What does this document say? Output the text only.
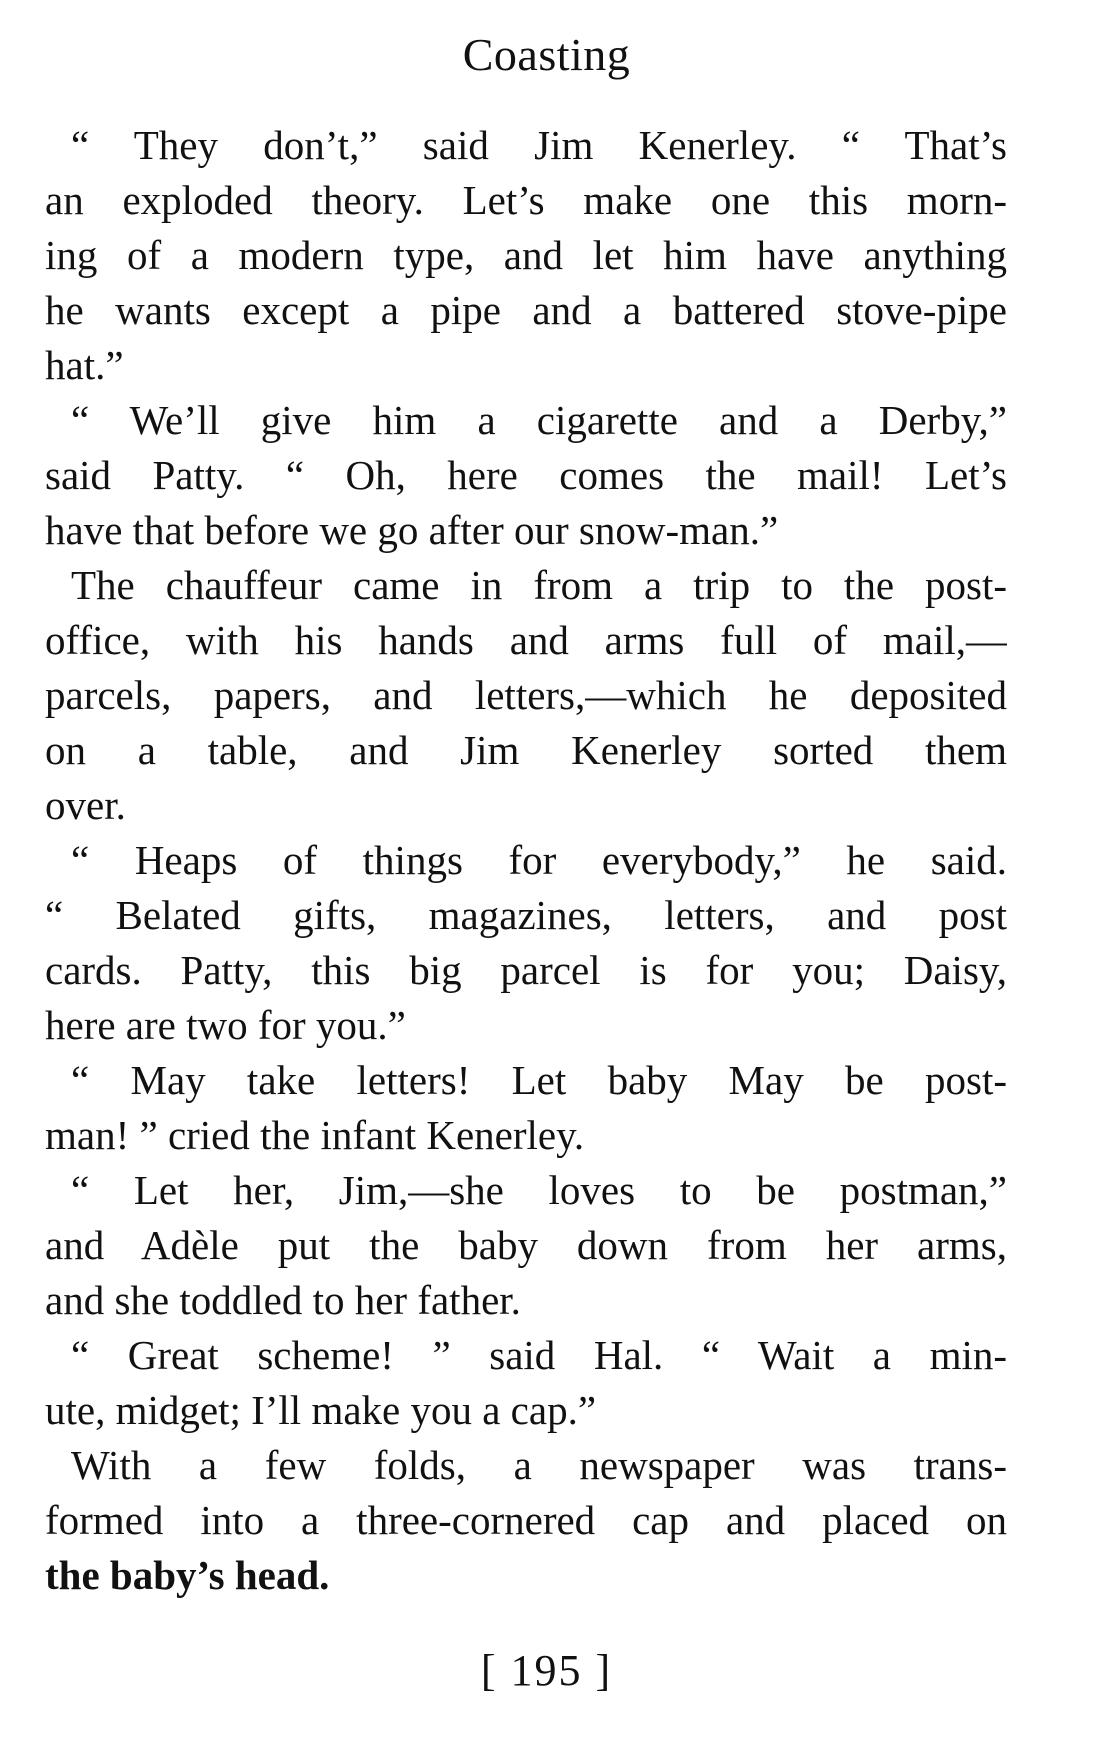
Coasting
“ They don’t,” said Jim Kenerley. “ That’s
an exploded theory. Let’s make one this morn-
ing of a modern type, and let him have anything
he wants except a pipe and a battered stove-pipe
hat.”
“ We’ll give him a cigarette and a Derby,”
said Patty. “ Oh, here comes the mail! Let’s
have that before we go after our snow-man.”
The chauffeur came in from a trip to the post-
office, with his hands and arms full of mail,—
parcels, papers, and letters,—which he deposited
on a table, and Jim Kenerley sorted them
over.
“ Heaps of things for everybody,” he said.
“ Belated gifts, magazines, letters, and post
cards. Patty, this big parcel is for you; Daisy,
here are two for you.”
“ May take letters! Let baby May be post-
man! ” cried the infant Kenerley.
“ Let her, Jim,—she loves to be postman,”
and Adèle put the baby down from her arms,
and she toddled to her father.
“ Great scheme! ” said Hal. “ Wait a min-
ute, midget; I’ll make you a cap.”
With a few folds, a newspaper was trans-
formed into a three-cornered cap and placed on
the baby’s head.
[ 195 ]
